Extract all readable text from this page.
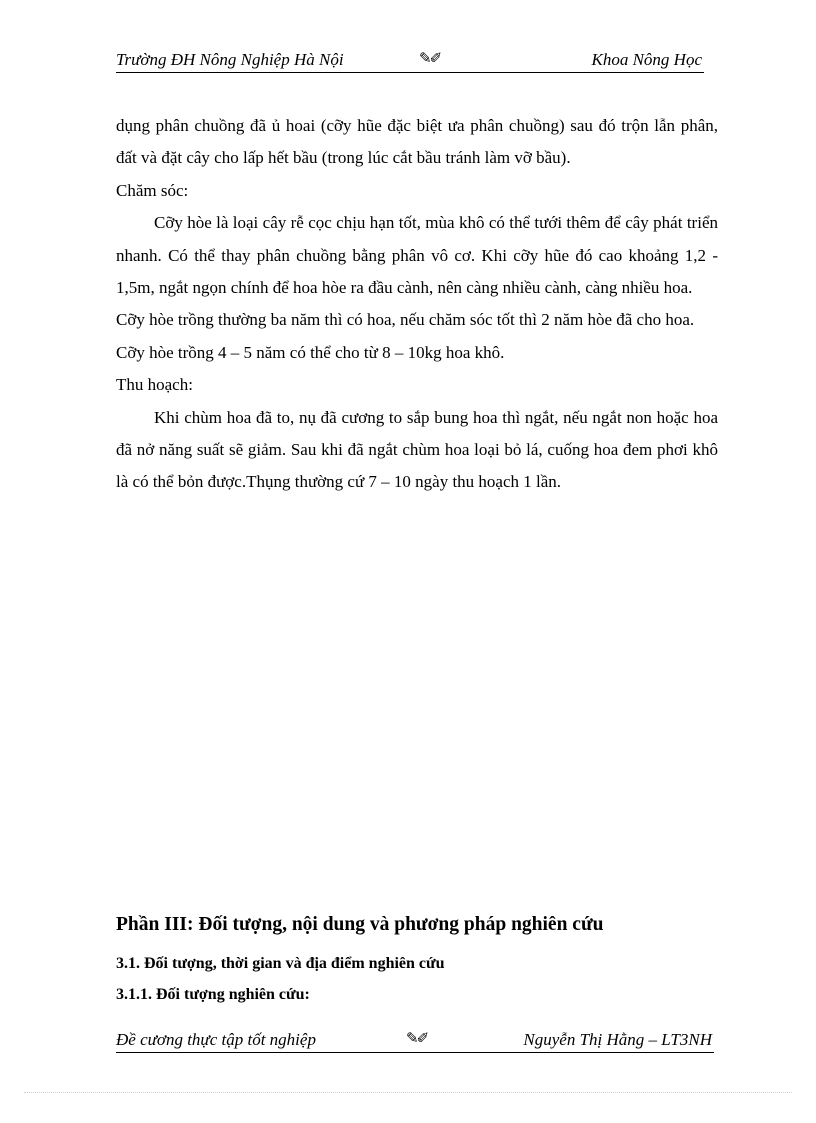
Trường ĐH Nông Nghiệp Hà Nội	✎✐	Khoa Nông Học

dụng phân chuồng đã ủ hoai (cỡy hũe đặc biệt ưa phân chuồng) sau đó trộn lẫn phân, đất và đặt cây cho lấp hết bầu (trong lúc cắt bầu tránh làm vỡ bầu).

Chăm sóc:

Cỡy hòe là loại cây rễ cọc chịu hạn tốt, mùa khô có thể tưới thêm để cây phát triển nhanh. Có thể thay phân chuồng bằng phân vô cơ. Khi cỡy hũe đó cao khoảng 1,2 - 1,5m, ngắt ngọn chính để hoa hòe ra đầu cành, nên càng nhiều cành, càng nhiều hoa.

Cỡy hòe trồng thường ba năm thì có hoa, nếu chăm sóc tốt thì 2 năm hòe đã cho hoa.

Cỡy hòe trồng 4 – 5 năm có thể cho từ 8 – 10kg hoa khô.

Thu hoạch:

Khi chùm hoa đã to, nụ đã cương to sắp bung hoa thì ngắt, nếu ngắt non hoặc hoa đã nở năng suất sẽ giảm. Sau khi đã ngắt chùm hoa loại bỏ lá, cuống hoa đem phơi khô là có thể bỏn được.Thụng thường cứ 7 – 10 ngày thu hoạch 1 lần.

Phần III: Đối tượng, nội dung và phương pháp nghiên cứu
3.1. Đối tượng, thời gian và địa điểm nghiên cứu
3.1.1. Đối tượng nghiên cứu:
Đề cương thực tập tốt nghiệp	✎✐	Nguyễn Thị Hằng – LT3NH
